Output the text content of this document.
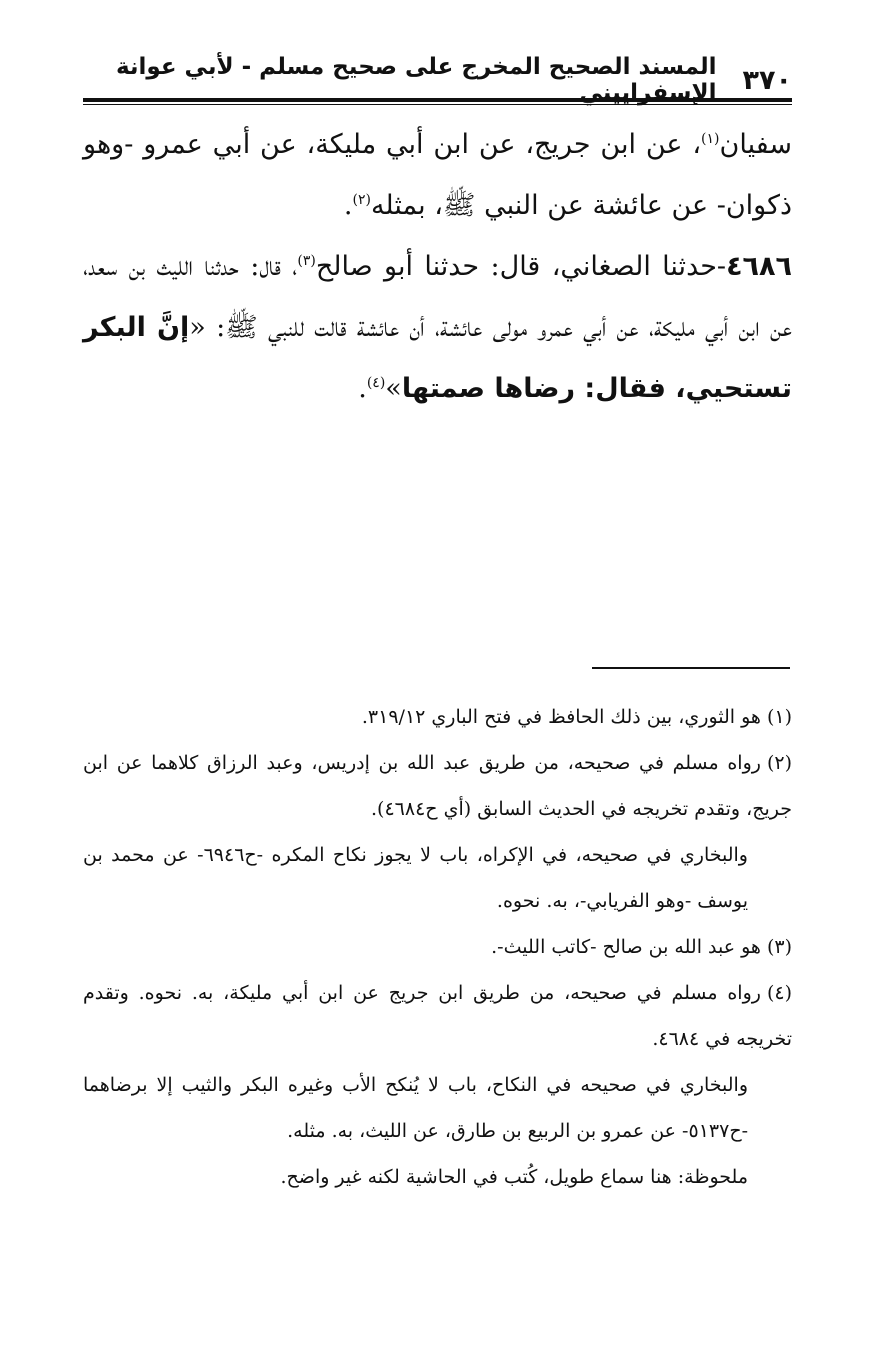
٣٧٠
المسند الصحيح المخرج على صحيح مسلم - لأبي عوانة الإسفراييني

سفيان$^{(١)}$، عن ابن جريج، عن ابن أبي مليكة، عن أبي عمرو -وهو ذكوان- عن عائشة عن النبي ﷺ، بمثله$^{(٢)}$.

٤٦٨٦-حدثنا الصغاني، قال: حدثنا أبو صالح$^{(٣)}$، قال: حدثنا الليث بن سعد، عن ابن أبي مليكة، عن أبي عمرو مولى عائشة، أن عائشة قالت للنبي ﷺ: «إنَّ البكر تستحيي، فقال: رضاها صمتها»$^{(٤)}$.

(١)هو الثوري، بين ذلك الحافظ في فتح الباري ٣١٩/١٢.

(٢)رواه مسلم في صحيحه، من طريق عبد الله بن إدريس، وعبد الرزاق كلاهما عن ابن جريج، وتقدم تخريجه في الحديث السابق (أي ح٤٦٨٤).

والبخاري في صحيحه، في الإكراه، باب لا يجوز نكاح المكره -ح٦٩٤٦- عن محمد بن يوسف -وهو الفريابي-، به. نحوه.

(٣)هو عبد الله بن صالح -كاتب الليث-.

(٤)رواه مسلم في صحيحه، من طريق ابن جريج عن ابن أبي مليكة، به. نحوه. وتقدم تخريجه في ٤٦٨٤.

والبخاري في صحيحه في النكاح، باب لا يُنكح الأب وغيره البكر والثيب إلا برضاهما -ح٥١٣٧- عن عمرو بن الربيع بن طارق، عن الليث، به. مثله.

ملحوظة: هنا سماع طويل، كُتب في الحاشية لكنه غير واضح.
